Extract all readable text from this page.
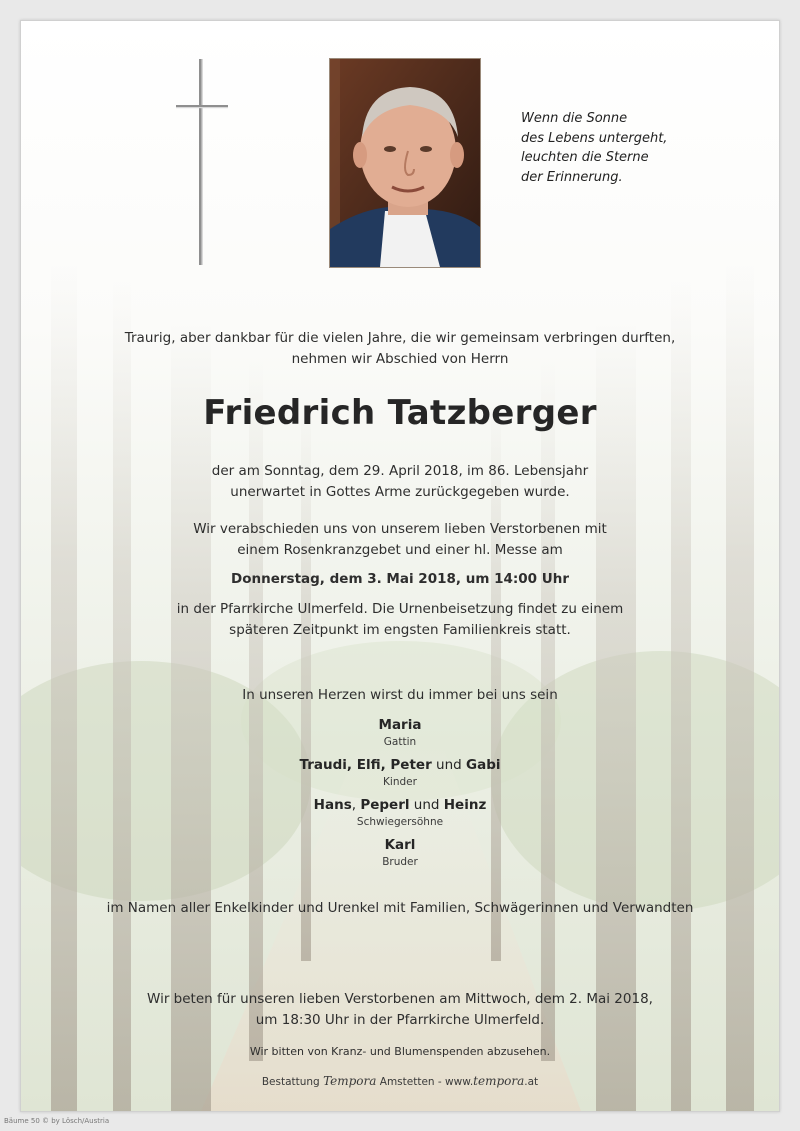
Wenn die Sonne
des Lebens untergeht,
leuchten die Sterne
der Erinnerung.
Traurig, aber dankbar für die vielen Jahre, die wir gemeinsam verbringen durften,
nehmen wir Abschied von Herrn
Friedrich Tatzberger
der am Sonntag, dem 29. April 2018, im 86. Lebensjahr
unerwartet in Gottes Arme zurückgegeben wurde.
Wir verabschieden uns von unserem lieben Verstorbenen mit
einem Rosenkranzgebet und einer hl. Messe am
Donnerstag, dem 3. Mai 2018, um 14:00 Uhr
in der Pfarrkirche Ulmerfeld. Die Urnenbeisetzung findet zu einem
späteren Zeitpunkt im engsten Familienkreis statt.
In unseren Herzen wirst du immer bei uns sein
Maria
Gattin
Traudi, Elfi, Peter und Gabi
Kinder
Hans, Peperl und Heinz
Schwiegersöhne
Karl
Bruder
im Namen aller Enkelkinder und Urenkel mit Familien, Schwägerinnen und Verwandten
Wir beten für unseren lieben Verstorbenen am Mittwoch, dem 2. Mai 2018,
um 18:30 Uhr in der Pfarrkirche Ulmerfeld.
Wir bitten von Kranz- und Blumenspenden abzusehen.
Bestattung Tempora Amstetten - www.tempora.at
Bäume 50 © by Lösch/Austria
